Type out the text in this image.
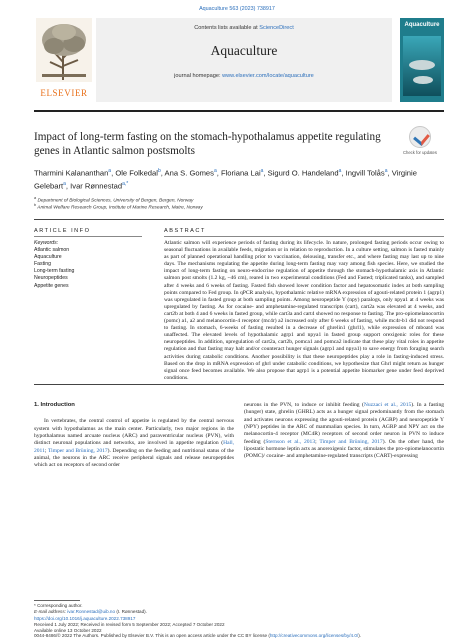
Aquaculture 563 (2023) 738917
ELSEVIER
Contents lists available at ScienceDirect
Aquaculture
journal homepage: www.elsevier.com/locate/aquaculture
Aquaculture
Impact of long-term fasting on the stomach-hypothalamus appetite regulating genes in Atlantic salmon postsmolts	Check for updates
Tharmini Kalananthan$^a$, Ole Folkedal$^b$, Ana S. Gomes$^a$, Floriana Lai$^a$, Sigurd O. Handeland$^a$, Ingvill Tolås$^a$, Virginie Gelebart$^a$, Ivar Rønnestad$^{a,*}$
$^a$ Department of Biological Sciences, University of Bergen, Bergen, Norway
$^b$ Animal Welfare Research Group, Institute of Marine Research, Matre, Norway
ARTICLE INFO	ABSTRACT
Keywords:
Atlantic salmon
Aquaculture
Fasting
Long-term fasting
Neuropeptides
Appetite genes

Atlantic salmon will experience periods of fasting during its lifecycle. In nature, prolonged fasting periods occur owing to seasonal fluctuations in available feeds, migration or in relation to reproduction. In a culture setting, salmon is fasted mainly as part of planned operational handling prior to vaccination, delousing, transfer etc., and where fasting may last up to nine days. The mechanisms regulating the appetite during long-term fasting may vary among fish species. Here, we studied the impact of long-term fasting on neuro-endocrine regulation of appetite through the stomach-hypothalamic axis in Atlantic salmon post smolts (1.2 kg, ~46 cm), reared in two experimental conditions (Fed and Fasted; triplicated tanks), and sampled after 4 weeks and 6 weeks of fasting. Fasted fish showed lower condition factor and hepatosomatic index at both sampling points compared to Fed group. In qPCR analysis, hypothalamic relative mRNA expression of agouti-related protein 1 (agrp1) was upregulated in fasted group at both sampling points. Among neuropeptide Y (npy) paralogs, only npya1 at 4 weeks was upregulated by fasting. As for cocaine- and amphetamine-regulated transcripts (cart), cart2a was elevated at 4 weeks, and cart2b at both 4 and 6 weeks in fasted group, while cart3a and cart4 showed no response to fasting. The pro-opiomelanocortin (pomc) a1, a2 and melanocortin-4 receptor (mc4r) a2 increased only after 6 weeks of fasting, while mc4r-b1 did not respond to fasting. In stomach, 6-weeks of fasting resulted in a decrease of ghrelin1 (ghrl1), while expression of mboat4 was unaffected. The elevated levels of hypothalamic agrp1 and npya1 in fasted group support orexigenic roles for these neuropeptides. In addition, upregulation of cart2a, cart2b, pomca1 and pomca2 indicate that these play vital roles in appetite regulation and that fasting may halt and/or counteract hunger signals (agrp1 and npya1) to save energy from foraging search activities during catabolic conditions. Another possibility is that these neuropeptides play a role in fasting-induced stress. Based on the drop in mRNA expression of ghrl under catabolic conditions, we hypothesize that Ghrl might return as hunger signal once feed becomes available. We also propose that agrp1 is a potential appetite biomarker gene under feed deprived conditions.

1. Introduction

In vertebrates, the central control of appetite is regulated by the central nervous system with hypothalamus as the main center. Particularly, two major regions in the hypothalamus named arcuate nucleus (ARC) and paraventricular nucleus (PVN), with distinct neuronal populations and networks, are involved in appetite regulation (Hall, 2011; Timper and Brüning, 2017). Depending on the feeding and nutritional status of the animal, the neurons in the ARC receive peripheral signals and release neuropeptides which act on receptors of second order

neurons in the PVN, to induce or inhibit feeding (Nuzzaci et al., 2015). In a fasting (hunger) state, ghrelin (GHRL) acts as a hunger signal predominantly from the stomach and activates neurons expressing the agouti-related protein (AGRP) and neuropeptide Y (NPY) peptides in the ARC of mammalian species. In turn, AGRP and NPY act on the melanocortin-4 receptor (MC4R) receptors of second order neuron in PVN to induce feeding (Sternson et al., 2013; Timper and Brüning, 2017). On the other hand, the lipostatic hormone leptin acts as anorexigenic factor, stimulates the pro-opiomelanocortin (POMC)/ cocaine- and amphetamine-regulated transcripts (CART)-expressing

* Corresponding author.
E-mail address: ivar.Ronnestad@uib.no (I. Rønnestad).
https://doi.org/10.1016/j.aquaculture.2022.738917
Received 1 July 2022; Received in revised form 5 September 2022; Accepted 7 October 2022
Available online 13 October 2022
0044-8486/© 2022 The Authors. Published by Elsevier B.V. This is an open access article under the CC BY license (http://creativecommons.org/licenses/by/4.0/).
